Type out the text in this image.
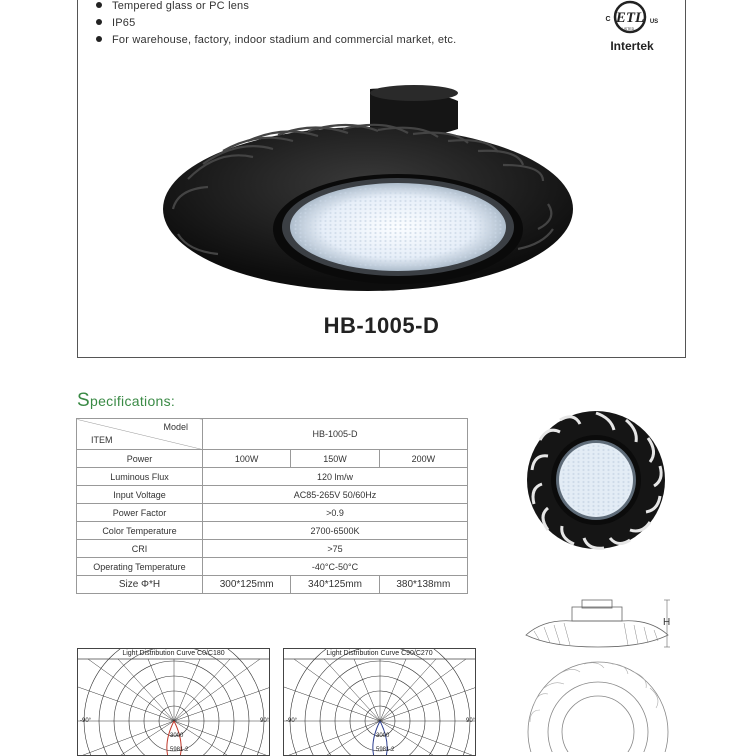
Tempered glass or PC lens
IP65
For warehouse, factory, indoor stadium and commercial market, etc.
ETL
LISTED
C	US
Intertek
HB-1005-D
Specifications:
Model
ITEM	HB-1005-D		
Power	100W	150W	200W
Luminous Flux	120 lm/w		
Input Voltage	AC85-265V 50/60Hz		
Power Factor	>0.9		
Color Temperature	2700-6500K		
CRI	>75		
Operating Temperature	-40°C-50°C		
Size Φ*H	300*125mm	340*125mm	380*138mm
H
Light Distribution Curve C0/C180
-90°	90°
3000
5981.2
Light Distribution Curve C90/C270
-90°	90°
3000
5981.2
